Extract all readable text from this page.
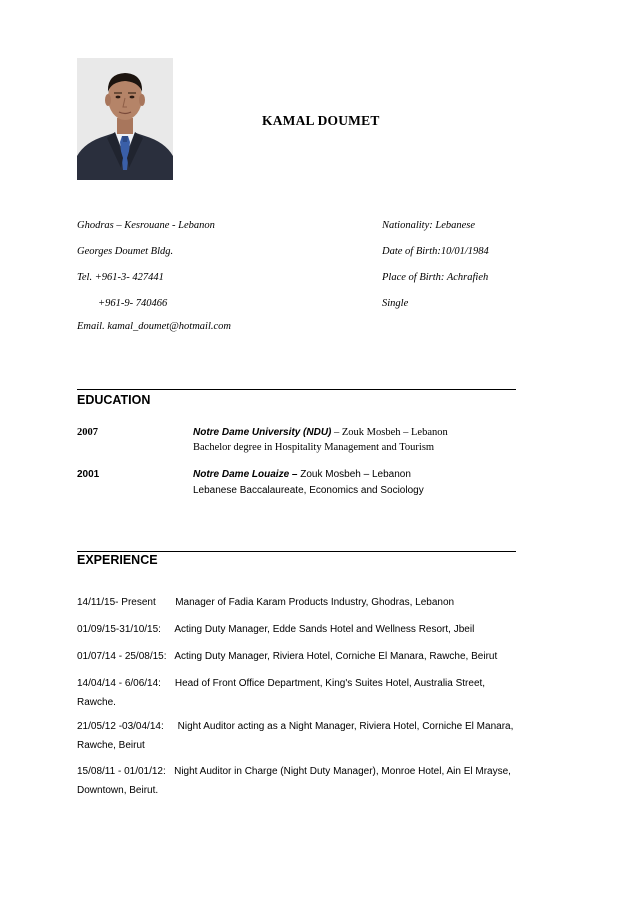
KAMAL DOUMET
Ghodras – Kesrouane - Lebanon
Georges Doumet Bldg.
Tel. +961-3- 427441
+961-9- 740466
Email. kamal_doumet@hotmail.com
Nationality: Lebanese
Date of Birth:10/01/1984
Place of Birth: Achrafieh
Single
EDUCATION
2007	Notre Dame University (NDU) – Zouk Mosbeh – Lebanon
Bachelor degree in Hospitality Management and Tourism
2001	Notre Dame Louaize – Zouk Mosbeh – Lebanon
Lebanese Baccalaureate, Economics and Sociology
EXPERIENCE
14/11/15- Present       Manager of Fadia Karam Products Industry, Ghodras, Lebanon
01/09/15-31/10/15:     Acting Duty Manager, Edde Sands Hotel and Wellness Resort, Jbeil
01/07/14 - 25/08/15:   Acting Duty Manager, Riviera Hotel, Corniche El Manara, Rawche, Beirut
14/04/14 - 6/06/14:     Head of Front Office Department, King's Suites Hotel, Australia Street,
Rawche.
21/05/12 -03/04/14:     Night Auditor acting as a Night Manager, Riviera Hotel, Corniche El Manara,
Rawche, Beirut
15/08/11 - 01/01/12:   Night Auditor in Charge (Night Duty Manager), Monroe Hotel, Ain El Mrayse,
Downtown, Beirut.
